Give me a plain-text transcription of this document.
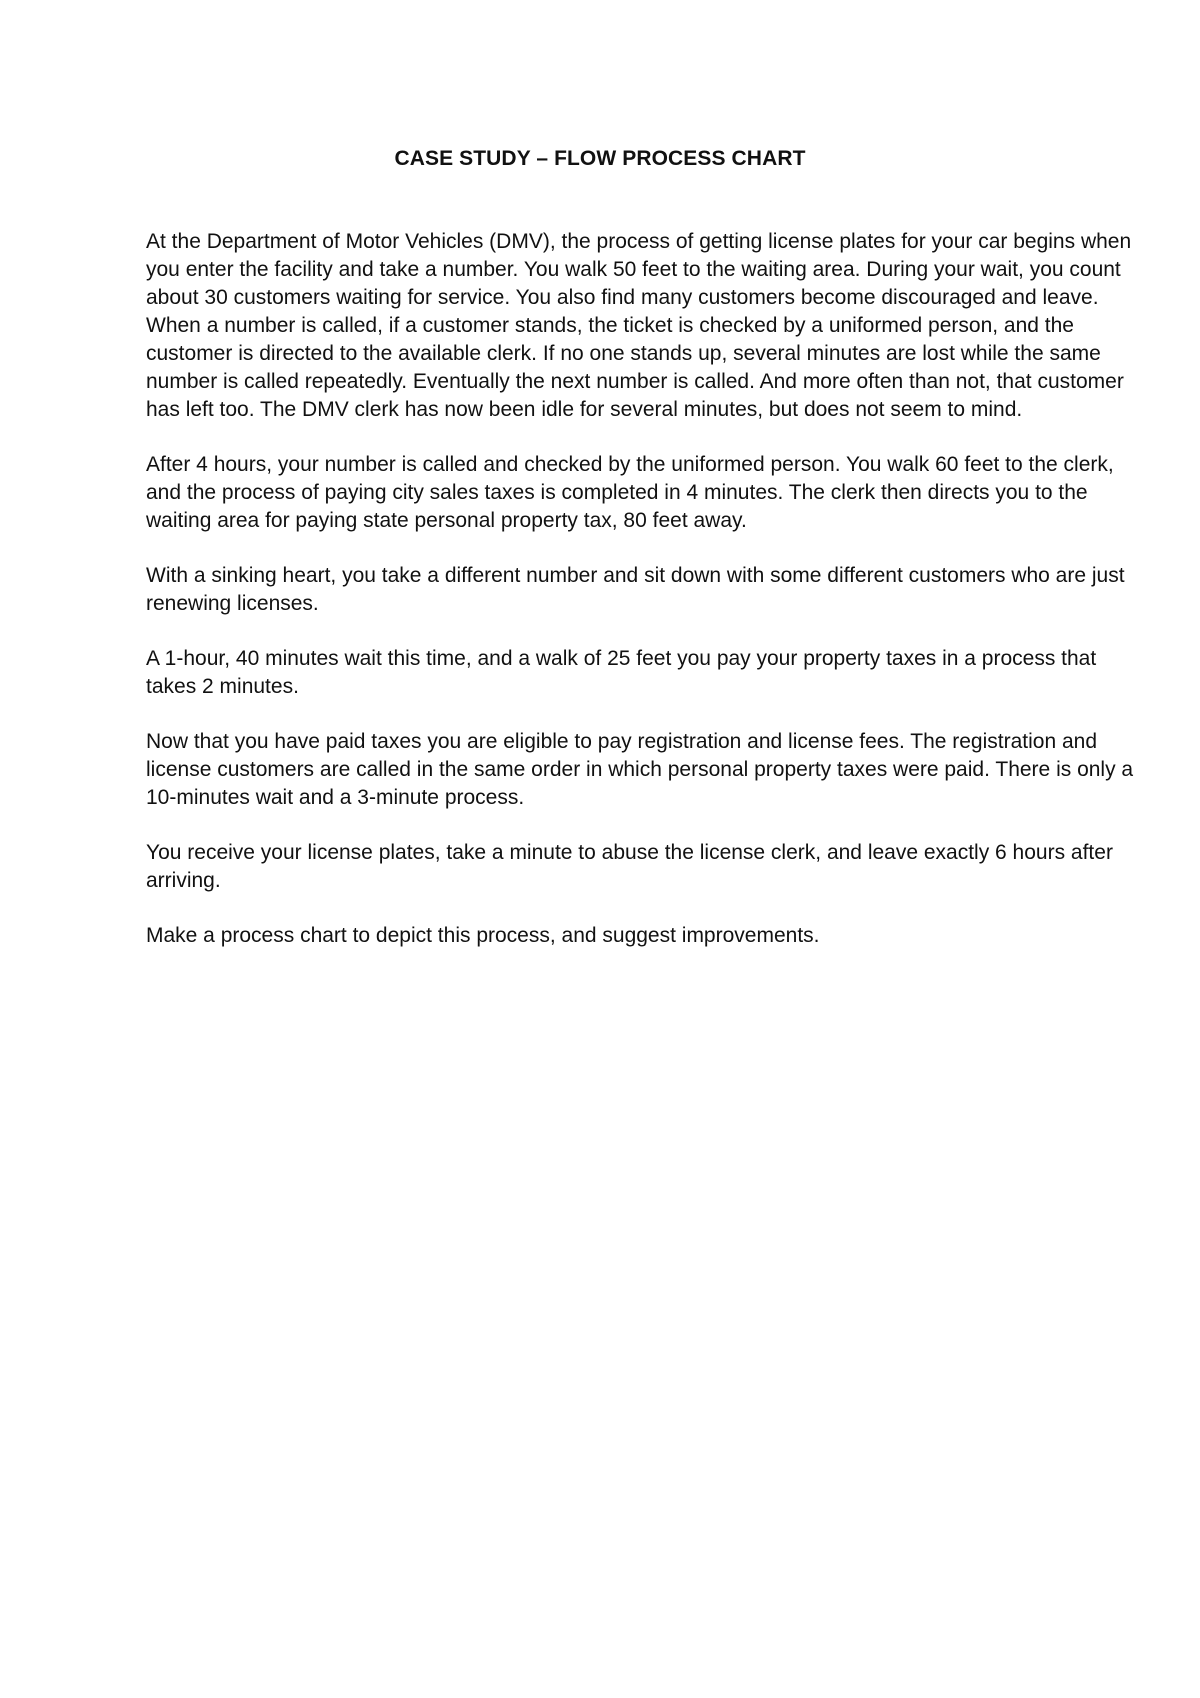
CASE STUDY – FLOW PROCESS CHART

At the Department of Motor Vehicles (DMV), the process of getting license plates for your car begins when you enter the facility and take a number. You walk 50 feet to the waiting area. During your wait, you count about 30 customers waiting for service. You also find many customers become discouraged and leave. When a number is called, if a customer stands, the ticket is checked by a uniformed person, and the customer is directed to the available clerk. If no one stands up, several minutes are lost while the same number is called repeatedly. Eventually the next number is called. And more often than not, that customer has left too. The DMV clerk has now been idle for several minutes, but does not seem to mind.

After 4 hours, your number is called and checked by the uniformed person. You walk 60 feet to the clerk, and the process of paying city sales taxes is completed in 4 minutes. The clerk then directs you to the waiting area for paying state personal property tax, 80 feet away.

With a sinking heart, you take a different number and sit down with some different customers who are just renewing licenses.

A 1-hour, 40 minutes wait this time, and a walk of 25 feet you pay your property taxes in a process that takes 2 minutes.

Now that you have paid taxes you are eligible to pay registration and license fees. The registration and license customers are called in the same order in which personal property taxes were paid. There is only a 10-minutes wait and a 3-minute process.

You receive your license plates, take a minute to abuse the license clerk, and leave exactly 6 hours after arriving.

Make a process chart to depict this process, and suggest improvements.
